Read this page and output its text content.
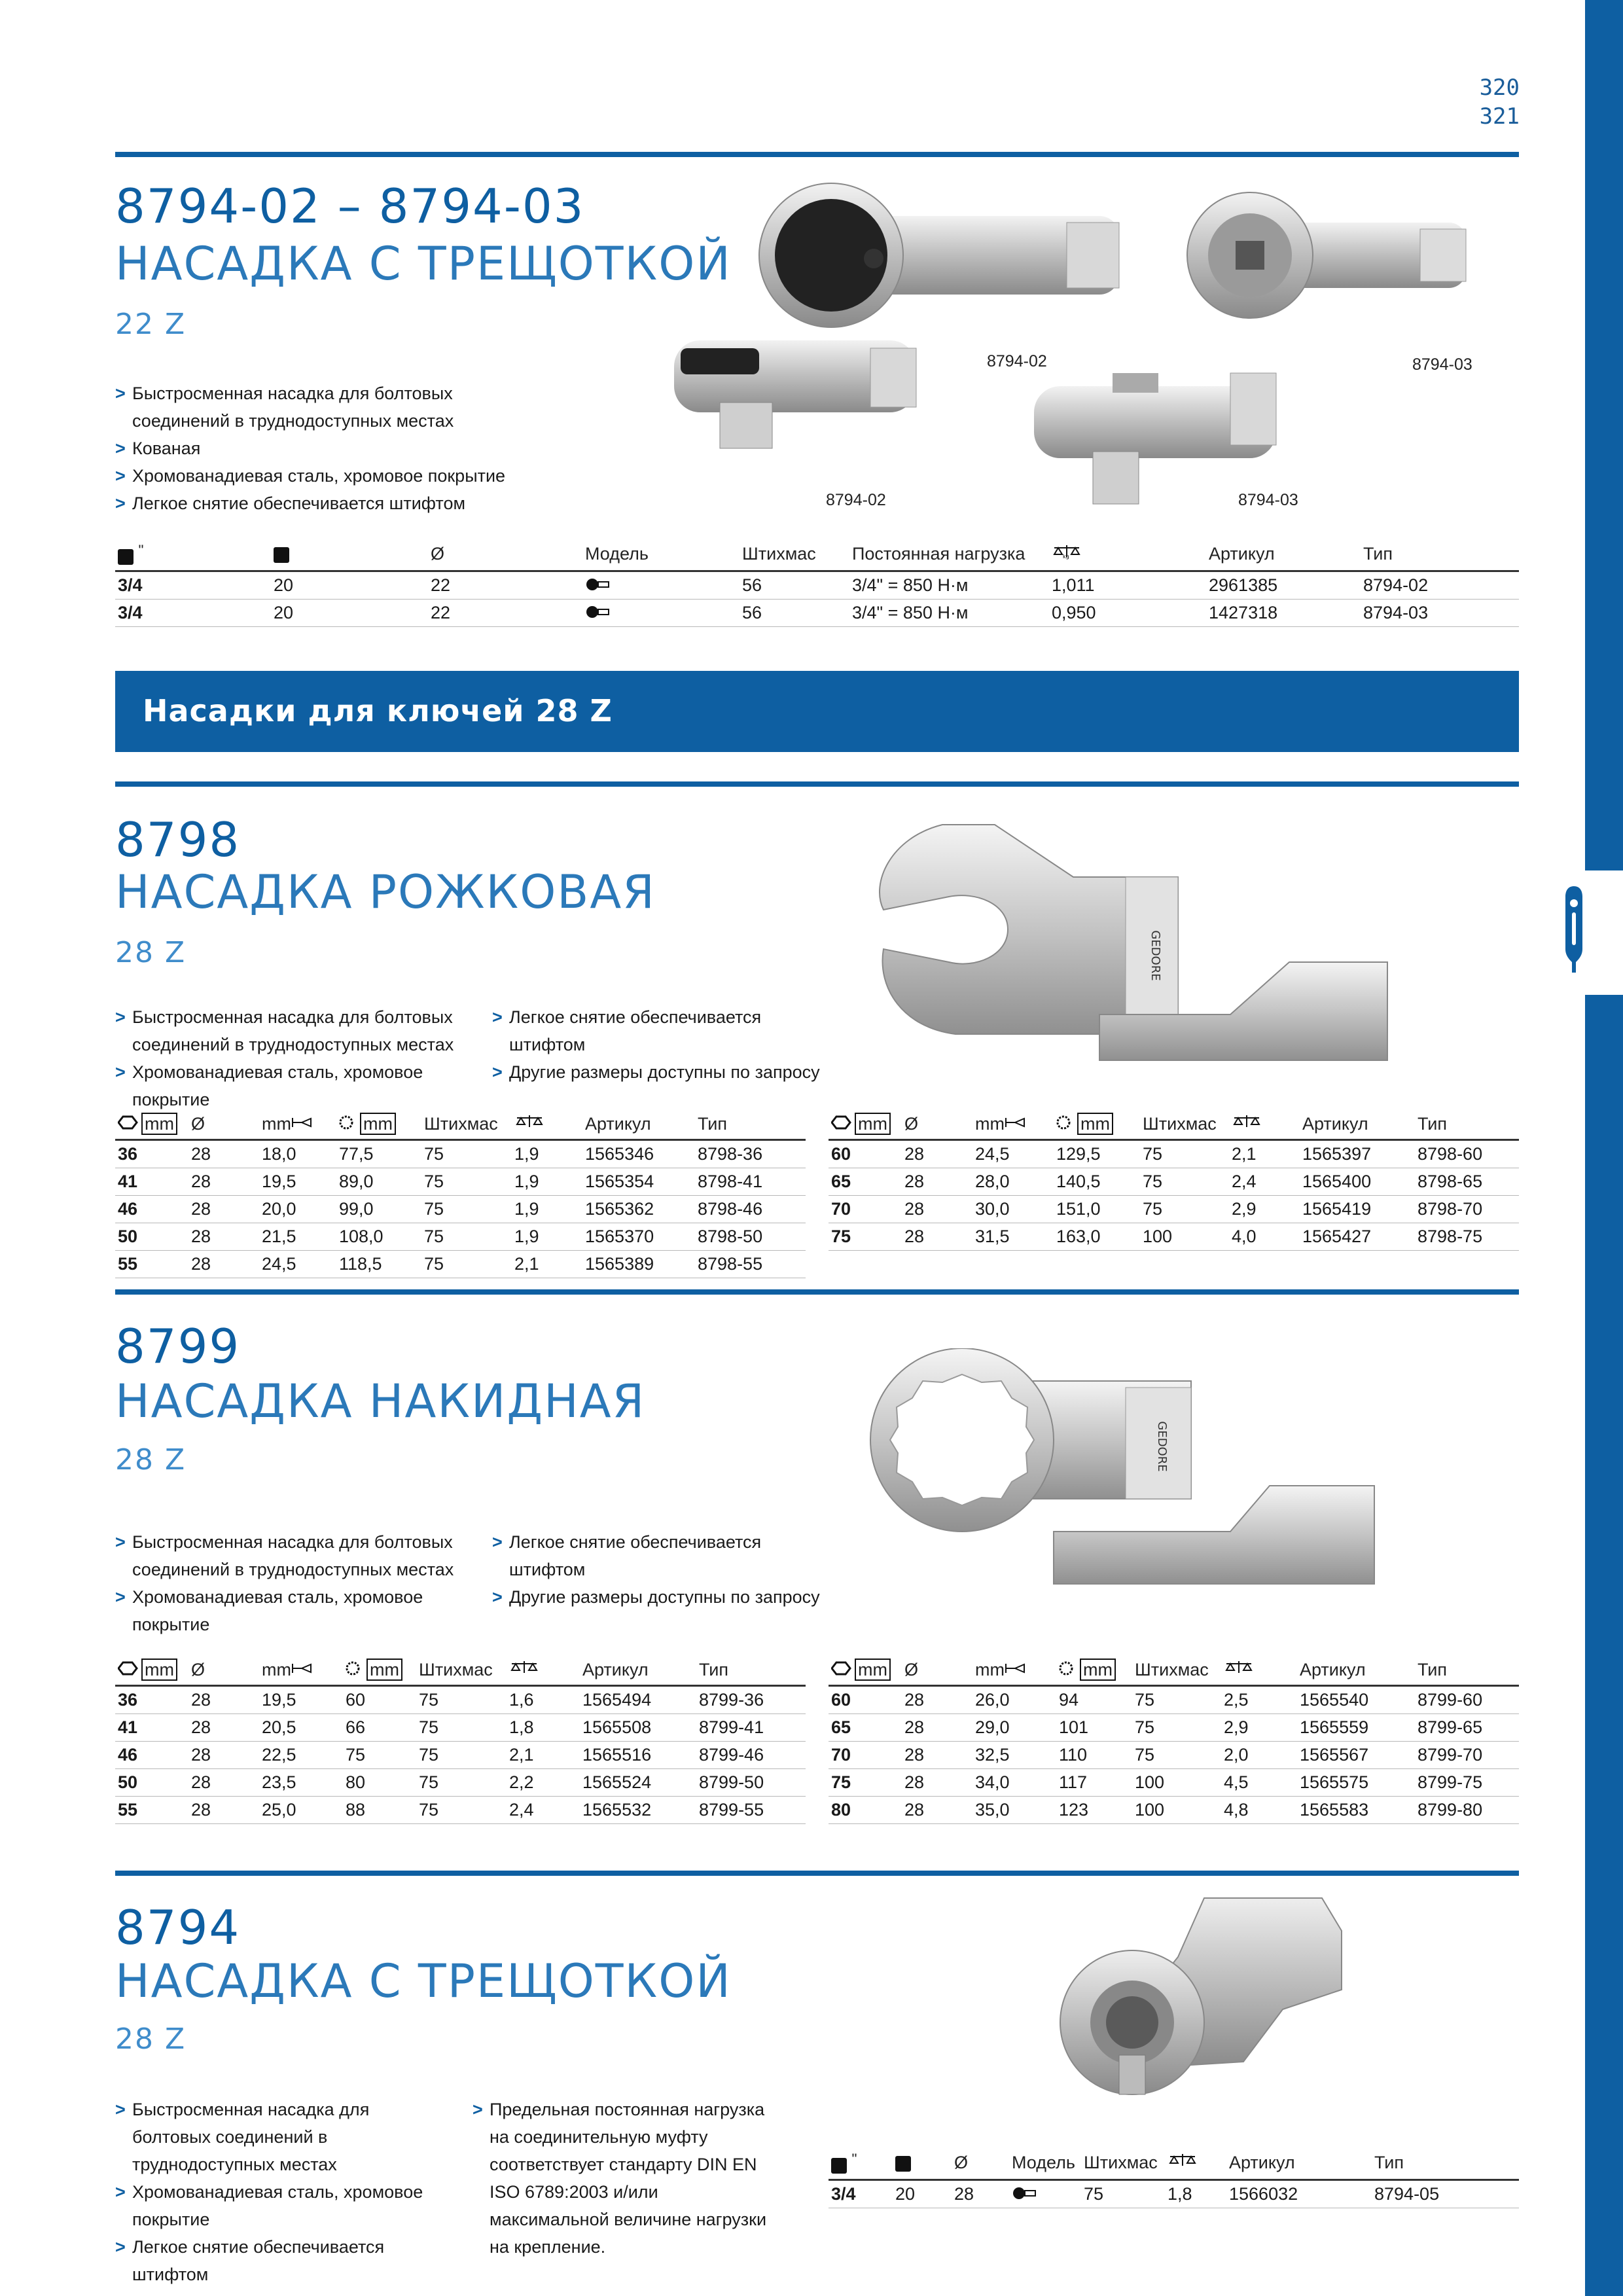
320
321
8794-02 – 8794-03
НАСАДКА С ТРЕЩОТКОЙ
22 Z
> Быстросменная насадка для болтовых соединений в труднодоступных местах
> Кованая
> Хромованадиевая сталь, хромовое покрытие
> Легкое снятие обеспечивается штифтом
8794-02	8794-03
8794-02	8794-03
"		Ø	Модель	Штихмас	Постоянная нагрузка	kg	Артикул	Тип
3/4	20	22		56	3/4" = 850 Н·м	1,011	2961385	8794-02
3/4	20	22		56	3/4" = 850 Н·м	0,950	1427318	8794-03
Насадки для ключей 28 Z
8798
НАСАДКА РОЖКОВАЯ
28 Z
> Быстросменная насадка для болтовых соединений в труднодоступных местах
> Хромованадиевая сталь, хромовое покрытие
> Легкое снятие обеспечивается штифтом
> Другие размеры доступны по запросу
GEDORE
mm	Ø	mm	mm	Штихмас		Артикул	Тип
36	28	18,0	77,5	75	1,9	1565346	8798-36
41	28	19,5	89,0	75	1,9	1565354	8798-41
46	28	20,0	99,0	75	1,9	1565362	8798-46
50	28	21,5	108,0	75	1,9	1565370	8798-50
55	28	24,5	118,5	75	2,1	1565389	8798-55
mm	Ø	mm	mm	Штихмас		Артикул	Тип
60	28	24,5	129,5	75	2,1	1565397	8798-60
65	28	28,0	140,5	75	2,4	1565400	8798-65
70	28	30,0	151,0	75	2,9	1565419	8798-70
75	28	31,5	163,0	100	4,0	1565427	8798-75
8799
НАСАДКА НАКИДНАЯ
28 Z
> Быстросменная насадка для болтовых соединений в труднодоступных местах
> Хромованадиевая сталь, хромовое покрытие
> Легкое снятие обеспечивается штифтом
> Другие размеры доступны по запросу
GEDORE
mm	Ø	mm	mm	Штихмас		Артикул	Тип
36	28	19,5	60	75	1,6	1565494	8799-36
41	28	20,5	66	75	1,8	1565508	8799-41
46	28	22,5	75	75	2,1	1565516	8799-46
50	28	23,5	80	75	2,2	1565524	8799-50
55	28	25,0	88	75	2,4	1565532	8799-55
mm	Ø	mm	mm	Штихмас		Артикул	Тип
60	28	26,0	94	75	2,5	1565540	8799-60
65	28	29,0	101	75	2,9	1565559	8799-65
70	28	32,5	110	75	2,0	1565567	8799-70
75	28	34,0	117	100	4,5	1565575	8799-75
80	28	35,0	123	100	4,8	1565583	8799-80
8794
НАСАДКА С ТРЕЩОТКОЙ
28 Z
> Быстросменная насадка для болтовых соединений в труднодоступных местах
> Хромованадиевая сталь, хромовое покрытие
> Легкое снятие обеспечивается штифтом
> Предельная постоянная нагрузка на соединительную муфту соответствует стандарту DIN EN ISO 6789:2003 и/или максимальной величине нагрузки на крепление.
"		Ø	Модель	Штихмас		Артикул	Тип
3/4	20	28		75	1,8	1566032	8794-05
